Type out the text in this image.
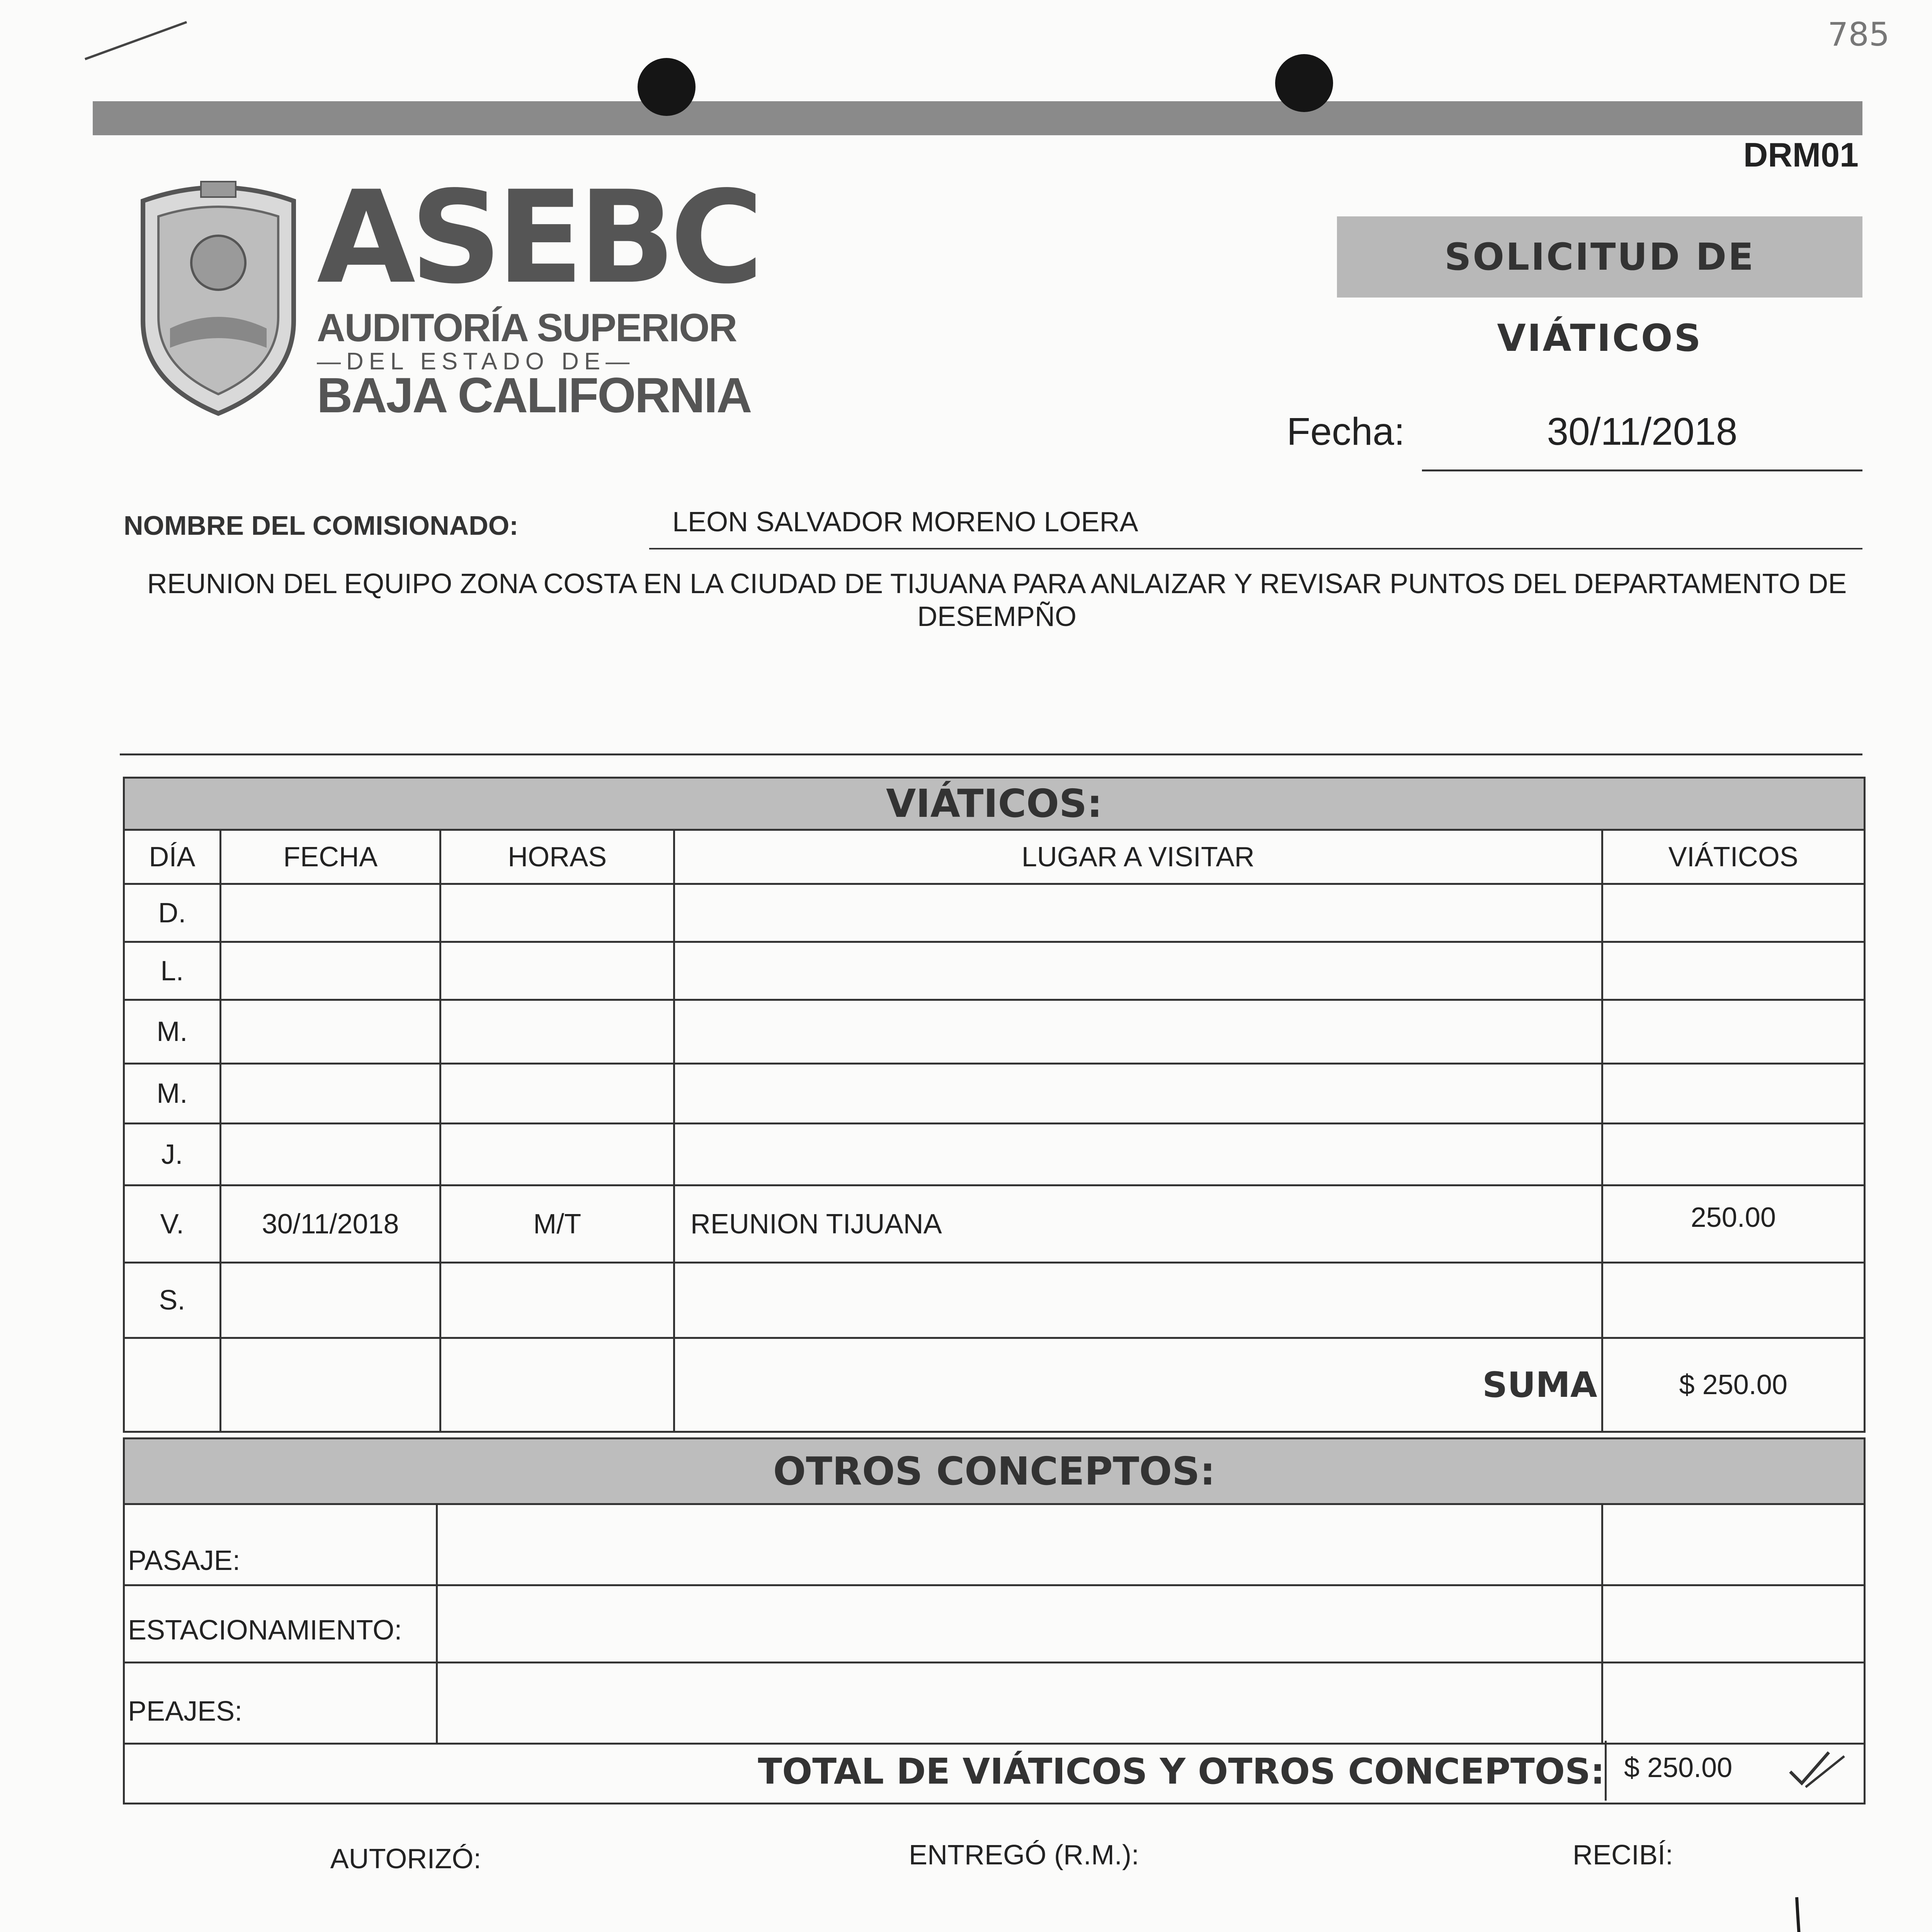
785
DRM01
SOLICITUD DE VIÁTICOS
ASEBC
AUDITORÍA SUPERIOR
—DEL ESTADO DE—
BAJA CALIFORNIA
Fecha:	30/11/2018
NOMBRE DEL COMISIONADO:	LEON SALVADOR MORENO LOERA
REUNION DEL EQUIPO ZONA COSTA EN LA CIUDAD DE TIJUANA PARA ANLAIZAR Y REVISAR PUNTOS DEL DEPARTAMENTO DE
DESEMPÑO
VIÁTICOS:
DÍA	FECHA	HORAS	LUGAR A VISITAR	VIÁTICOS
D.				
L.				
M.				
M.				
J.				
V.	30/11/2018	M/T	REUNION TIJUANA	250.00
S.				
			SUMA	$ 250.00
OTROS CONCEPTOS:
PASAJE:		
ESTACIONAMIENTO:		
PEAJES:		
TOTAL DE VIÁTICOS Y OTROS CONCEPTOS: $ 250.00
AUTORIZÓ:	ENTREGÓ (R.M.):	RECIBÍ:
